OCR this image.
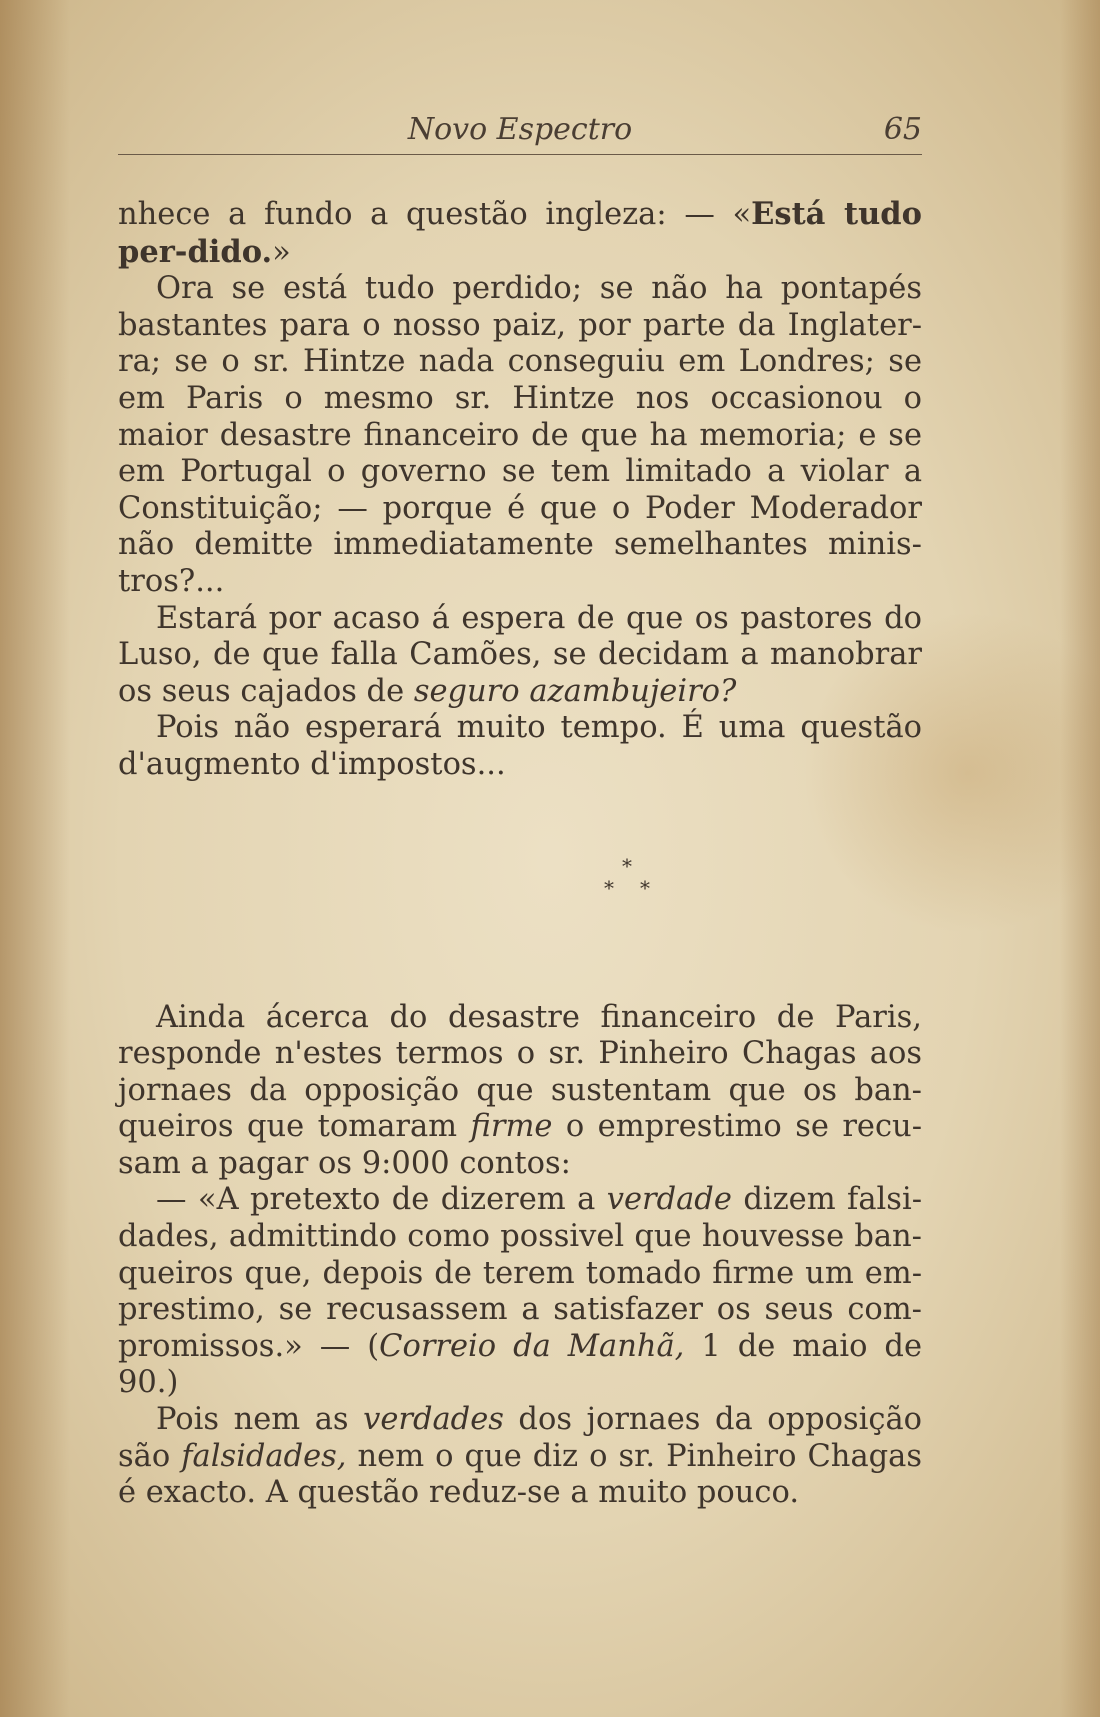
Novo Espectro	65

nhece a fundo a questão ingleza: — «Está tudo per-dido.»

Ora se está tudo perdido; se não ha pontapés bastantes para o nosso paiz, por parte da Inglater-ra; se o sr. Hintze nada conseguiu em Londres; se em Paris o mesmo sr. Hintze nos occasionou o maior desastre financeiro de que ha memoria; e se em Portugal o governo se tem limitado a violar a Constituição; — porque é que o Poder Moderador não demitte immediatamente semelhantes minis-tros?...

Estará por acaso á espera de que os pastores do Luso, de que falla Camões, se decidam a manobrar os seus cajados de seguro azambujeiro?

Pois não esperará muito tempo. É uma questão d'augmento d'impostos...

*
* *

Ainda ácerca do desastre financeiro de Paris, responde n'estes termos o sr. Pinheiro Chagas aos jornaes da opposição que sustentam que os ban-queiros que tomaram firme o emprestimo se recu-sam a pagar os 9:000 contos:

— «A pretexto de dizerem a verdade dizem falsi-dades, admittindo como possivel que houvesse ban-queiros que, depois de terem tomado firme um em-prestimo, se recusassem a satisfazer os seus com-promissos.» — (Correio da Manhã, 1 de maio de 90.)

Pois nem as verdades dos jornaes da opposição são falsidades, nem o que diz o sr. Pinheiro Chagas é exacto. A questão reduz-se a muito pouco.
